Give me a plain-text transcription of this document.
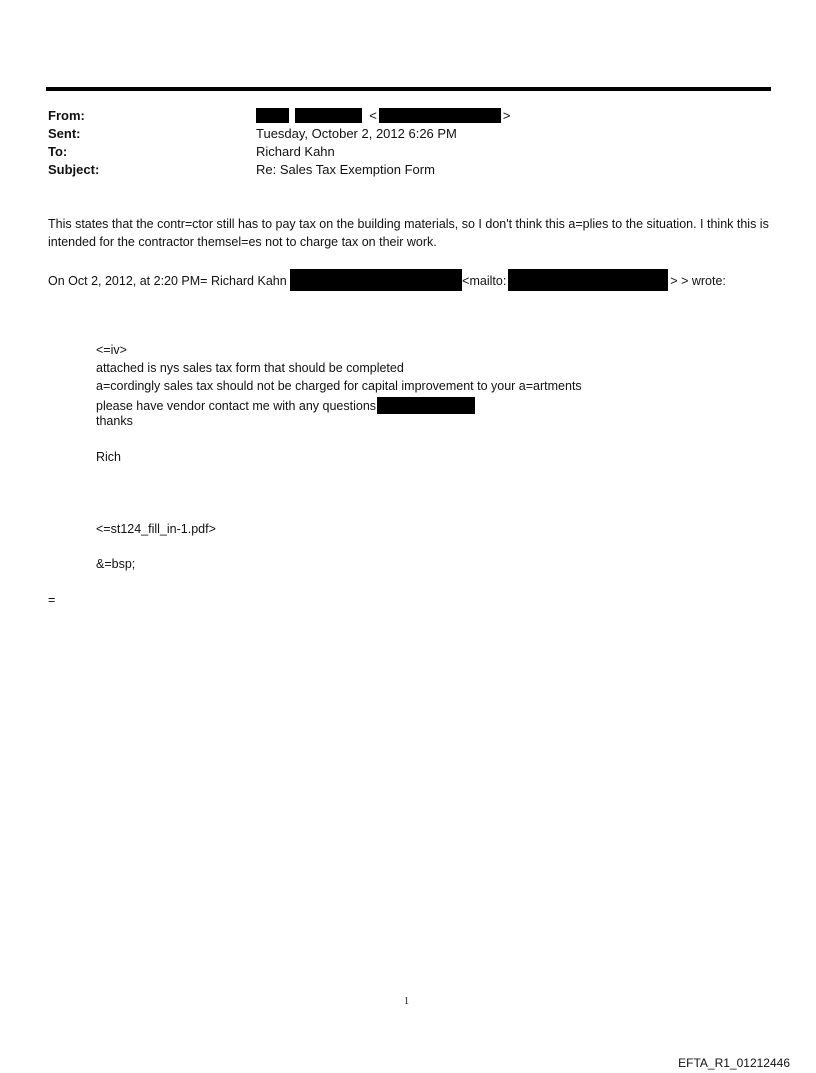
From:	<	>
Sent:	Tuesday, October 2, 2012 6:26 PM
To:	Richard Kahn
Subject:	Re: Sales Tax Exemption Form
This states that the contr=ctor still has to pay tax on the building materials, so I don't think this a=plies to the situation. I think this is intended for the contractor themsel=es not to charge tax on their work.
On Oct 2, 2012, at 2:20 PM= Richard Kahn	<mailto:	> > wrote:
<=iv>
attached is nys sales tax form that should be completed
a=cordingly sales tax should not be charged for capital improvement to your a=artments
please have vendor contact me with any questions
thanks
Rich
<=st124_fill_in-1.pdf>
&=bsp;
=
1
EFTA_R1_01212446
